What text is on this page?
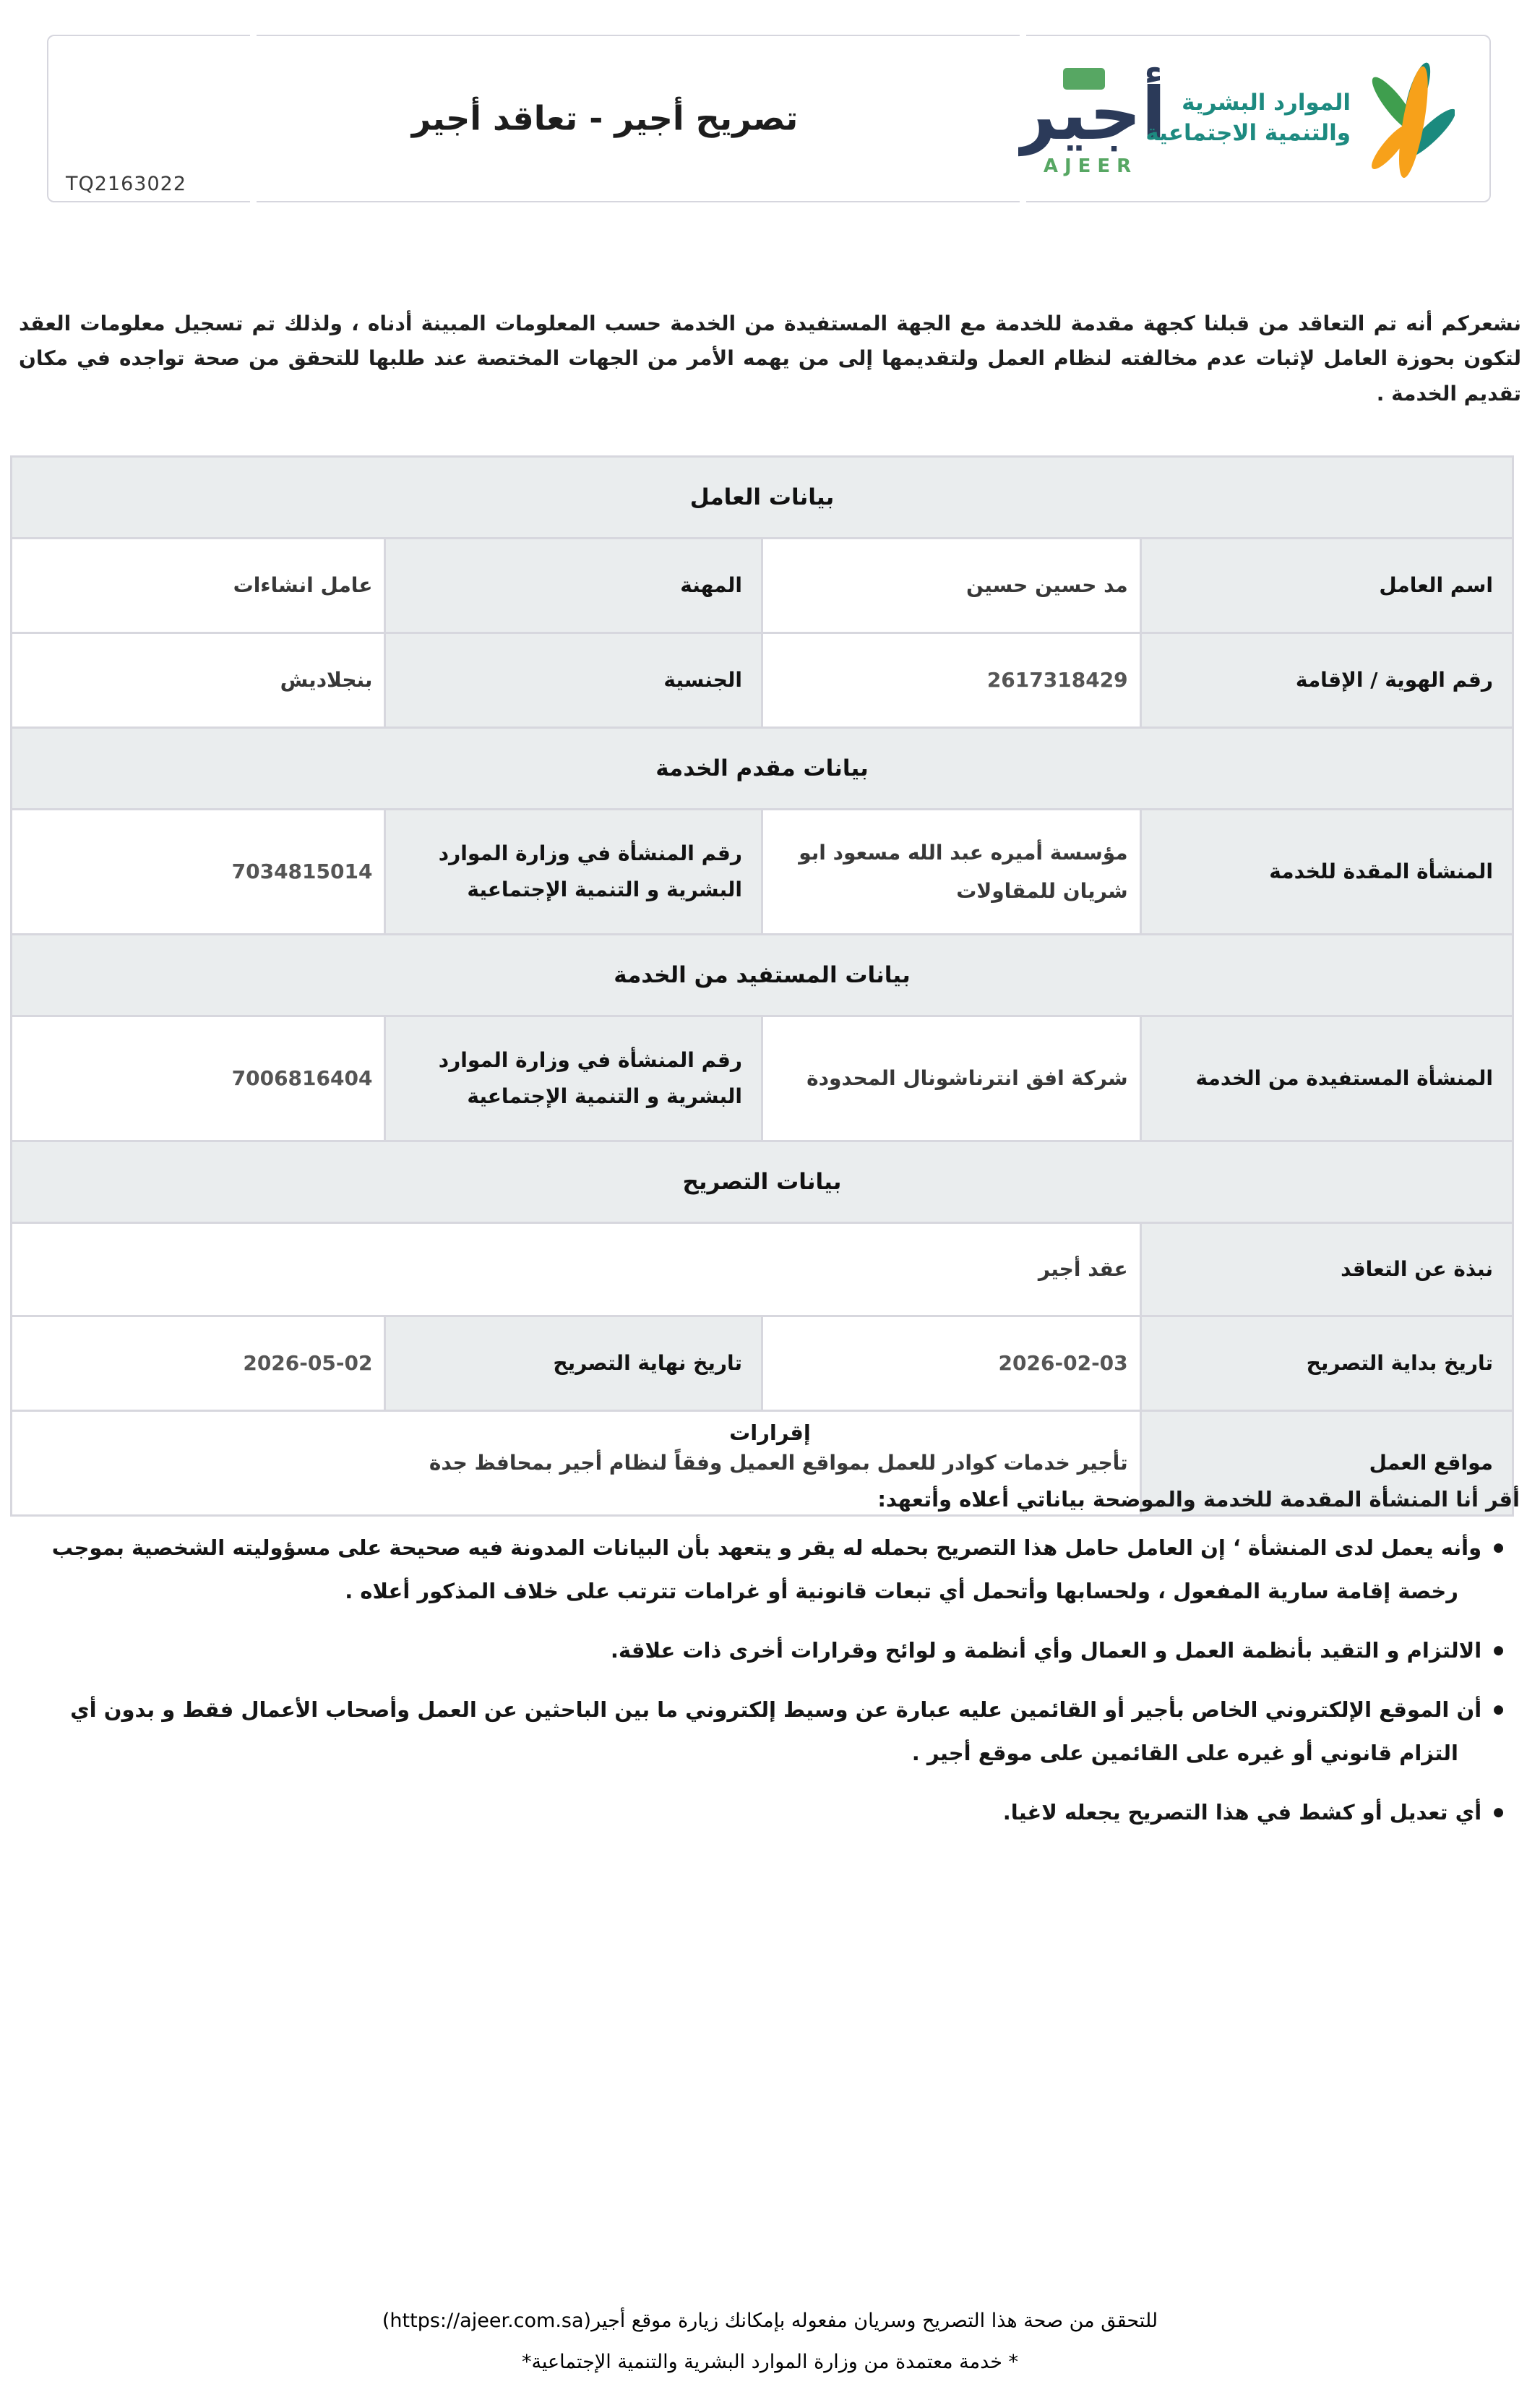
تصريح أجير - تعاقد أجير
TQ2163022
أجير
AJEER
الموارد البشرية
والتنمية الاجتماعية
نشعركم أنه تم التعاقد من قبلنا كجهة مقدمة للخدمة مع الجهة المستفيدة من الخدمة حسب المعلومات المبينة أدناه ، ولذلك تم تسجيل معلومات العقد لتكون بحوزة العامل لإثبات عدم مخالفته لنظام العمل ولتقديمها إلى من يهمه الأمر من الجهات المختصة عند طلبها للتحقق من صحة تواجده في مكان تقديم الخدمة .
بيانات العامل			
اسم العامل	مد حسين حسين	المهنة	عامل انشاءات
رقم الهوية / الإقامة	2617318429	الجنسية	بنجلاديش
بيانات مقدم الخدمة			
المنشأة المقدة للخدمة	مؤسسة أميره عبد الله مسعود ابو شريان للمقاولات	رقم المنشأة في وزارة الموارد البشرية و التنمية الإجتماعية	7034815014
بيانات المستفيد من الخدمة			
المنشأة المستفيدة من الخدمة	شركة افق انترناشونال المحدودة	رقم المنشأة في وزارة الموارد البشرية و التنمية الإجتماعية	7006816404
بيانات التصريح			
نبذة عن التعاقد	عقد أجير		
تاريخ بداية التصريح	2026-02-03	تاريخ نهاية التصريح	2026-05-02
مواقع العمل	تأجير خدمات كوادر للعمل بمواقع العميل وفقاً لنظام أجير بمحافظ جدة		
إقرارات
أقر أنا المنشأة المقدمة للخدمة والموضحة بياناتي أعلاه وأتعهد:
● وأنه يعمل لدى المنشأة ‘ إن العامل حامل هذا التصريح بحمله له يقر و يتعهد بأن البيانات المدونة فيه صحيحة على مسؤوليته الشخصية بموجب رخصة إقامة سارية المفعول ، ولحسابها وأتحمل أي تبعات قانونية أو غرامات تترتب على خلاف المذكور أعلاه .
● الالتزام و التقيد بأنظمة العمل و العمال وأي أنظمة و لوائح وقرارات أخرى ذات علاقة.
● أن الموقع الإلكتروني الخاص بأجير أو القائمين عليه عبارة عن وسيط إلكتروني ما بين الباحثين عن العمل وأصحاب الأعمال فقط و بدون أي التزام قانوني أو غيره على القائمين على موقع أجير .
● أي تعديل أو كشط في هذا التصريح يجعله لاغيا.
للتحقق من صحة هذا التصريح وسريان مفعوله بإمكانك زيارة موقع أجير(https://ajeer.com.sa)
* خدمة معتمدة من وزارة الموارد البشرية والتنمية الإجتماعية*
